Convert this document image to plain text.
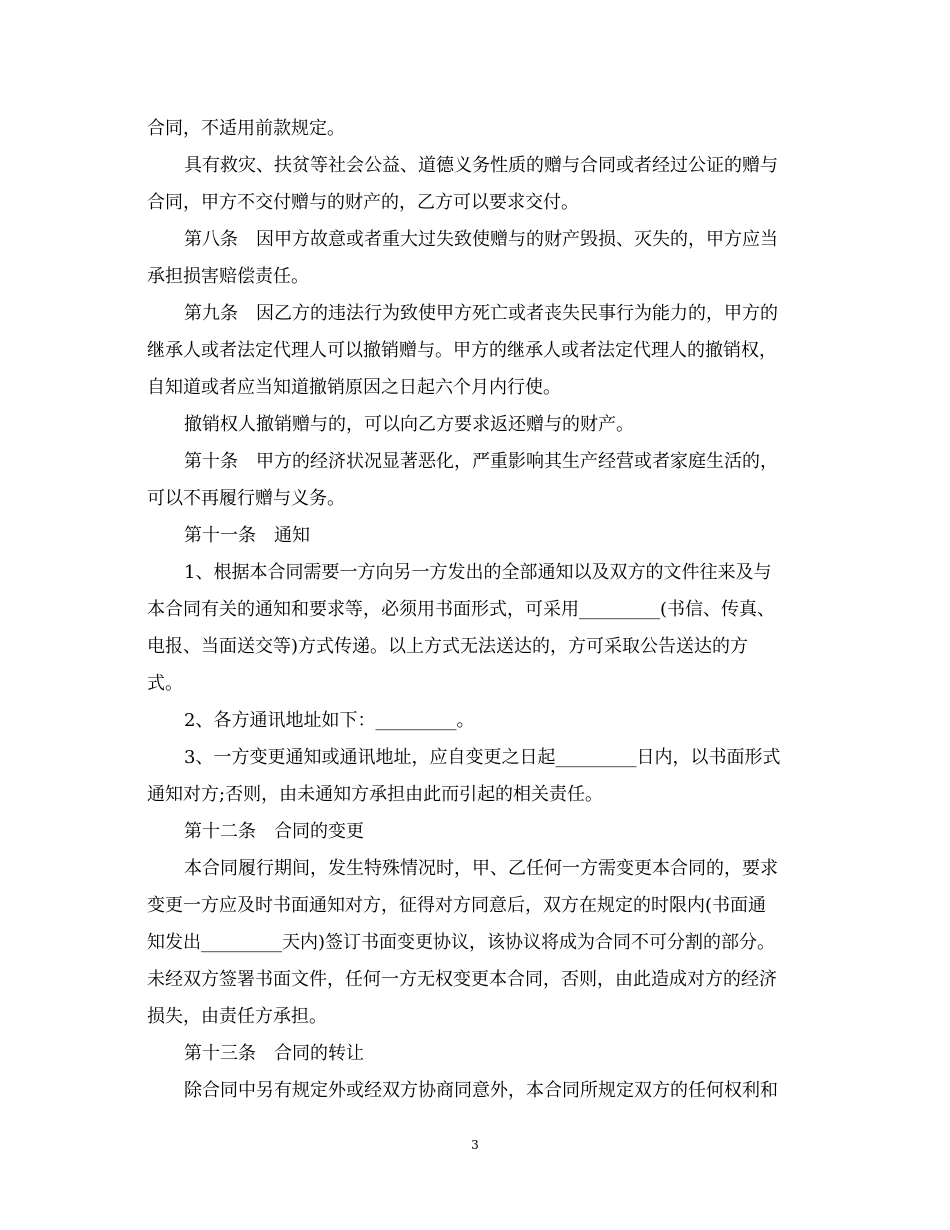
合同，不适用前款规定。
具有救灾、扶贫等社会公益、道德义务性质的赠与合同或者经过公证的赠与
合同，甲方不交付赠与的财产的，乙方可以要求交付。
第八条　因甲方故意或者重大过失致使赠与的财产毁损、灭失的，甲方应当
承担损害赔偿责任。
第九条　因乙方的违法行为致使甲方死亡或者丧失民事行为能力的，甲方的
继承人或者法定代理人可以撤销赠与。甲方的继承人或者法定代理人的撤销权，
自知道或者应当知道撤销原因之日起六个月内行使。
撤销权人撤销赠与的，可以向乙方要求返还赠与的财产。
第十条　甲方的经济状况显著恶化，严重影响其生产经营或者家庭生活的，
可以不再履行赠与义务。
第十一条　通知
1、根据本合同需要一方向另一方发出的全部通知以及双方的文件往来及与
本合同有关的通知和要求等，必须用书面形式，可采用_________(书信、传真、
电报、当面送交等)方式传递。以上方式无法送达的，方可采取公告送达的方
式。
2、各方通讯地址如下：_________。
3、一方变更通知或通讯地址，应自变更之日起_________日内，以书面形式
通知对方;否则，由未通知方承担由此而引起的相关责任。
第十二条　合同的变更
本合同履行期间，发生特殊情况时，甲、乙任何一方需变更本合同的，要求
变更一方应及时书面通知对方，征得对方同意后，双方在规定的时限内(书面通
知发出_________天内)签订书面变更协议，该协议将成为合同不可分割的部分。
未经双方签署书面文件，任何一方无权变更本合同，否则，由此造成对方的经济
损失，由责任方承担。
第十三条　合同的转让
除合同中另有规定外或经双方协商同意外，本合同所规定双方的任何权利和
3
